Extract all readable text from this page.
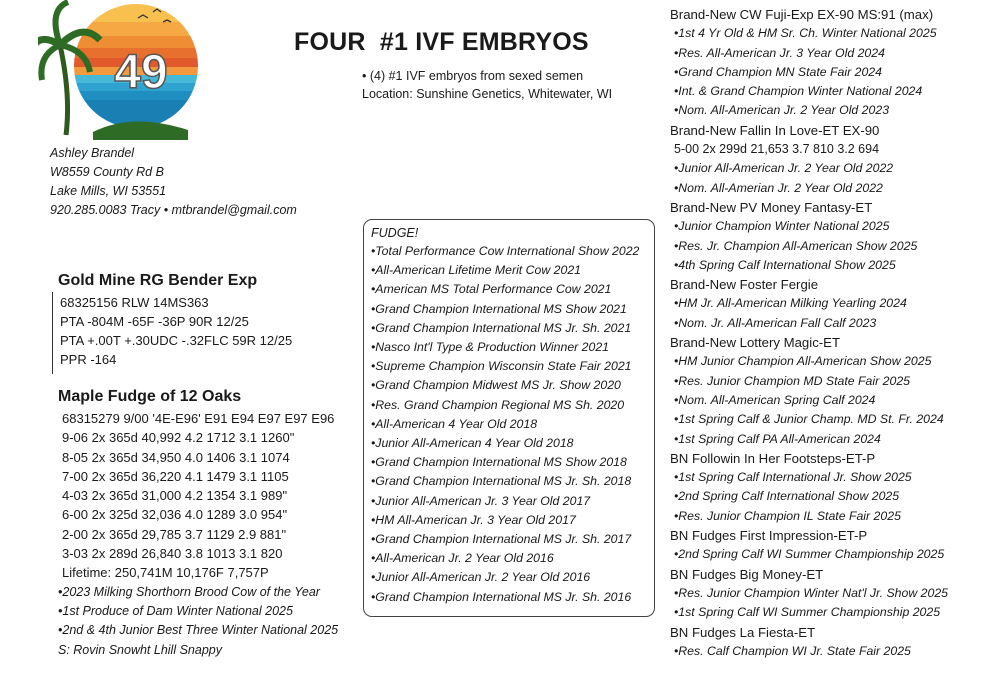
49
Ashley Brandel
W8559 County Rd B
Lake Mills, WI 53551
920.285.0083 Tracy • mtbrandel@gmail.com
FOUR  #1 IVF EMBRYOS
• (4) #1 IVF embryos from sexed semen
Location: Sunshine Genetics, Whitewater, WI
Gold Mine RG Bender Exp
68325156 RLW 14MS363
PTA -804M -65F -36P 90R 12/25
PTA +.00T +.30UDC -.32FLC 59R 12/25
PPR -164
Maple Fudge of 12 Oaks
68315279 9/00 '4E-E96' E91 E94 E97 E97 E96
9-06 2x 365d 40,992 4.2 1712 3.1 1260"
8-05 2x 365d 34,950 4.0 1406 3.1 1074
7-00 2x 365d 36,220 4.1 1479 3.1 1105
4-03 2x 365d 31,000 4.2 1354 3.1 989"
6-00 2x 325d 32,036 4.0 1289 3.0 954"
2-00 2x 365d 29,785 3.7 1129 2.9 881"
3-03 2x 289d 26,840 3.8 1013 3.1 820
Lifetime: 250,741M 10,176F 7,757P
•2023 Milking Shorthorn Brood Cow of the Year
•1st Produce of Dam Winter National 2025
•2nd & 4th Junior Best Three Winter National 2025
S: Rovin Snowht Lhill Snappy
FUDGE!
•Total Performance Cow International Show 2022
•All-American Lifetime Merit Cow 2021
•American MS Total Performance Cow 2021
•Grand Champion International MS Show 2021
•Grand Champion International MS Jr. Sh. 2021
•Nasco Int'l Type & Production Winner 2021
•Supreme Champion Wisconsin State Fair 2021
•Grand Champion Midwest MS Jr. Show 2020
•Res. Grand Champion Regional MS Sh. 2020
•All-American 4 Year Old 2018
•Junior All-American 4 Year Old 2018
•Grand Champion International MS Show 2018
•Grand Champion International MS Jr. Sh. 2018
•Junior All-American Jr. 3 Year Old 2017
•HM All-American Jr. 3 Year Old 2017
•Grand Champion International MS Jr. Sh. 2017
•All-American Jr. 2 Year Old 2016
•Junior All-American Jr. 2 Year Old 2016
•Grand Champion International MS Jr. Sh. 2016
Brand-New CW Fuji-Exp EX-90 MS:91 (max)
•1st 4 Yr Old & HM Sr. Ch. Winter National 2025
•Res. All-American Jr. 3 Year Old 2024
•Grand Champion MN State Fair 2024
•Int. & Grand Champion Winter National 2024
•Nom. All-American Jr. 2 Year Old 2023
Brand-New Fallin In Love-ET EX-90
5-00 2x 299d 21,653 3.7 810 3.2 694
•Junior All-American Jr. 2 Year Old 2022
•Nom. All-Amerian Jr. 2 Year Old 2022
Brand-New PV Money Fantasy-ET
•Junior Champion Winter National 2025
•Res. Jr. Champion All-American Show 2025
•4th Spring Calf International Show 2025
Brand-New Foster Fergie
•HM Jr. All-American Milking Yearling 2024
•Nom. Jr. All-American Fall Calf 2023
Brand-New Lottery Magic-ET
•HM Junior Champion All-American Show 2025
•Res. Junior Champion MD State Fair 2025
•Nom. All-American Spring Calf 2024
•1st Spring Calf & Junior Champ. MD St. Fr. 2024
•1st Spring Calf PA All-American 2024
BN Followin In Her Footsteps-ET-P
•1st Spring Calf International Jr. Show 2025
•2nd Spring Calf International Show 2025
•Res. Junior Champion IL State Fair 2025
BN Fudges First Impression-ET-P
•2nd Spring Calf WI Summer Championship 2025
BN Fudges Big Money-ET
•Res. Junior Champion Winter Nat'l Jr. Show 2025
•1st Spring Calf WI Summer Championship 2025
BN Fudges La Fiesta-ET
•Res. Calf Champion WI Jr. State Fair 2025
